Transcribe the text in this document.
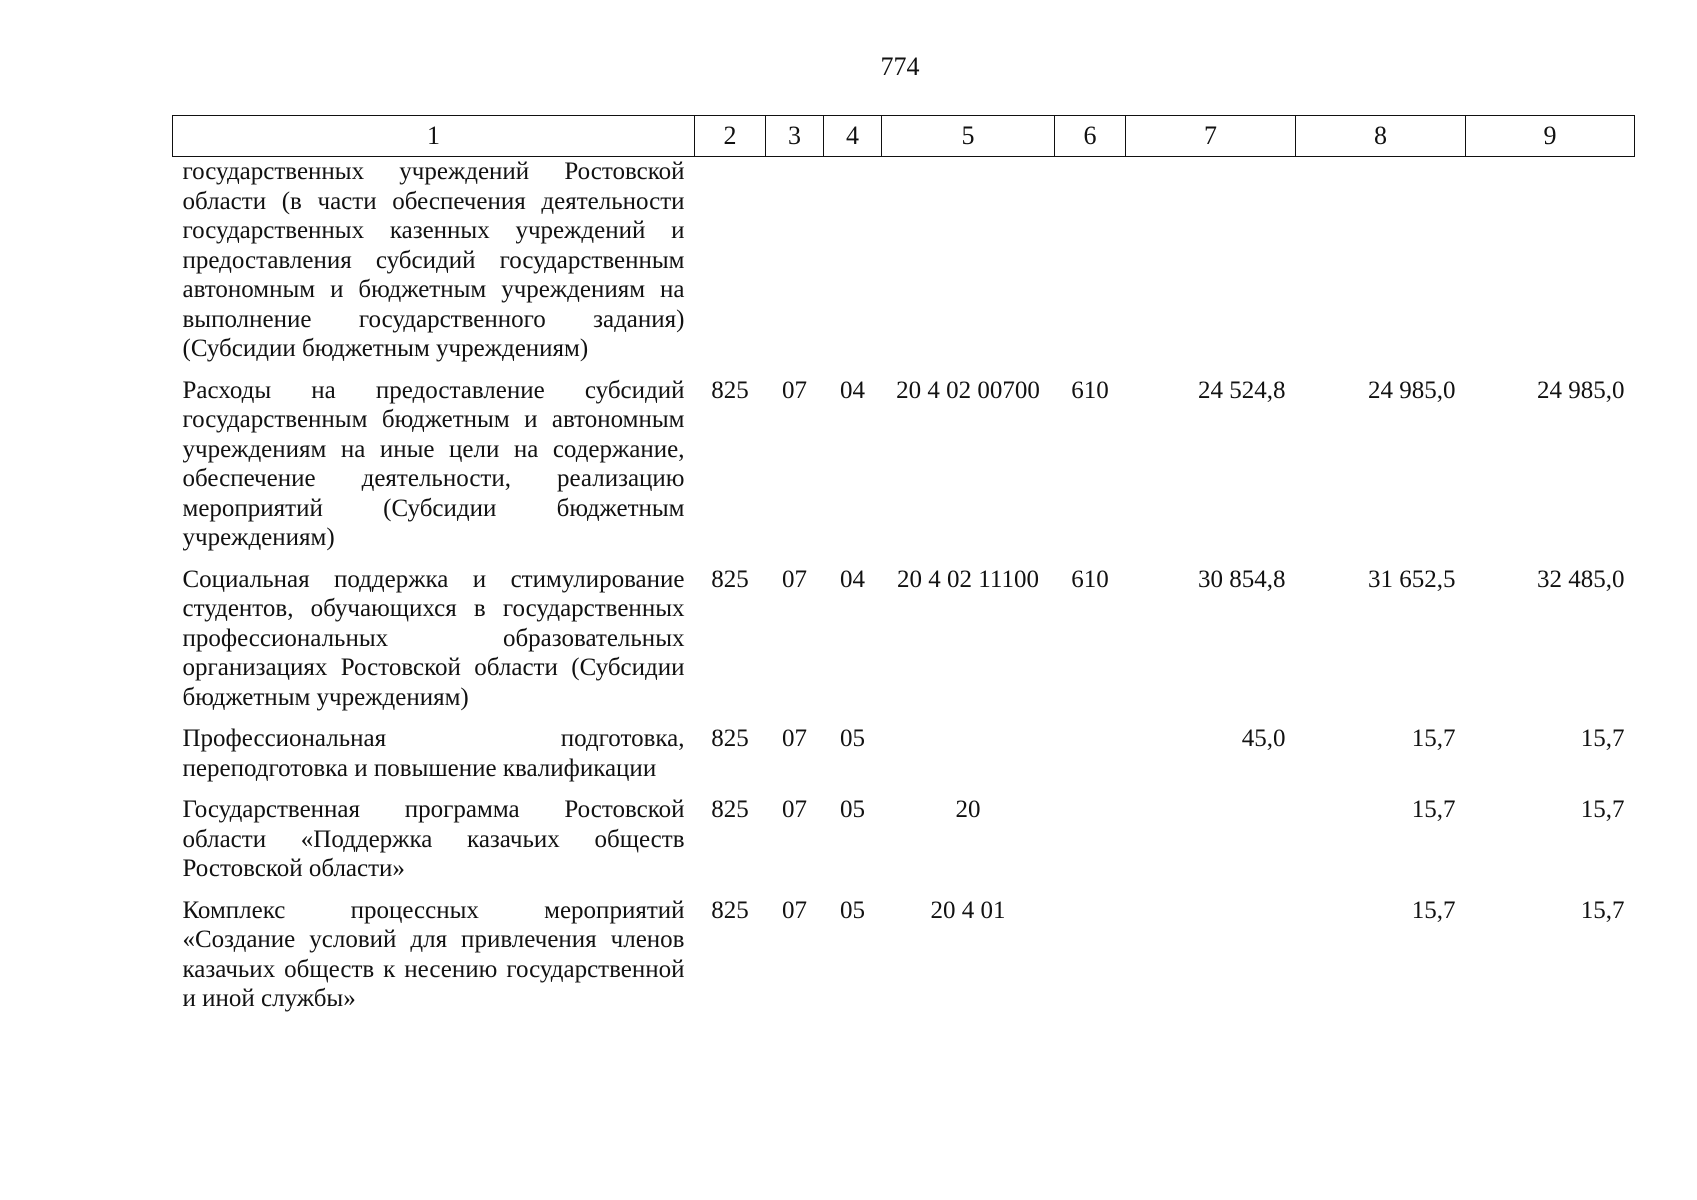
774
1	2	3	4	5	6	7	8	9
государственных учреждений Ростовской области (в части обеспечения деятельности государственных казенных учреждений и предоставления субсидий государственным автономным и бюджетным учреждениям на выполнение государственного задания) (Субсидии бюджетным учреждениям)								
Расходы на предоставление субсидий государственным бюджетным и автономным учреждениям на иные цели на содержание, обеспечение деятельности, реализацию мероприятий (Субсидии бюджетным учреждениям)	825	07	04	20 4 02 00700	610	24 524,8	24 985,0	24 985,0
Социальная поддержка и стимулирование студентов, обучающихся в государственных профессиональных образовательных организациях Ростовской области (Субсидии бюджетным учреждениям)	825	07	04	20 4 02 11100	610	30 854,8	31 652,5	32 485,0
Профессиональная подготовка, переподготовка и повышение квалификации	825	07	05			45,0	15,7	15,7
Государственная программа Ростовской области «Поддержка казачьих обществ Ростовской области»	825	07	05	20			15,7	15,7
Комплекс процессных мероприятий «Создание условий для привлечения членов казачьих обществ к несению государственной и иной службы»	825	07	05	20 4 01			15,7	15,7
